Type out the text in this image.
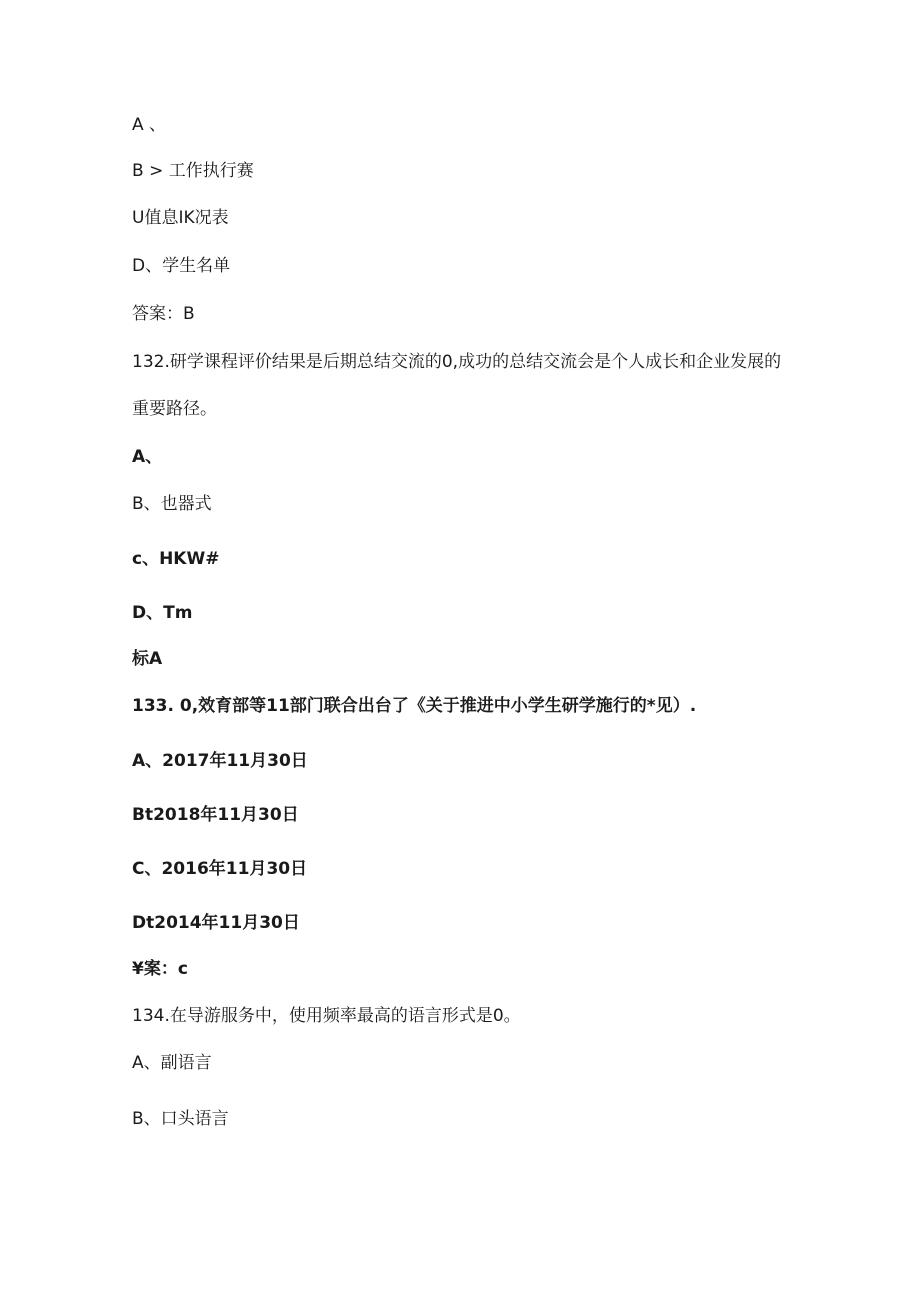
A 、
B > 工作执行赛
U值息IK况表
D、学生名单
答案：B
132.研学课程评价结果是后期总结交流的0,成功的总结交流会是个人成长和企业发展的
重要路径。
A、
B、也器式
c、HKW#
D、Tm
标A
133. 0,效育部等11部门联合出台了《关于推进中小学生研学施行的*见）.
A、2017年11月30日
Bt2018年11月30日
C、2016年11月30日
Dt2014年11月30日
¥案：c
134.在导游服务中，使用频率最高的语言形式是0。
A、副语言
B、口头语言
